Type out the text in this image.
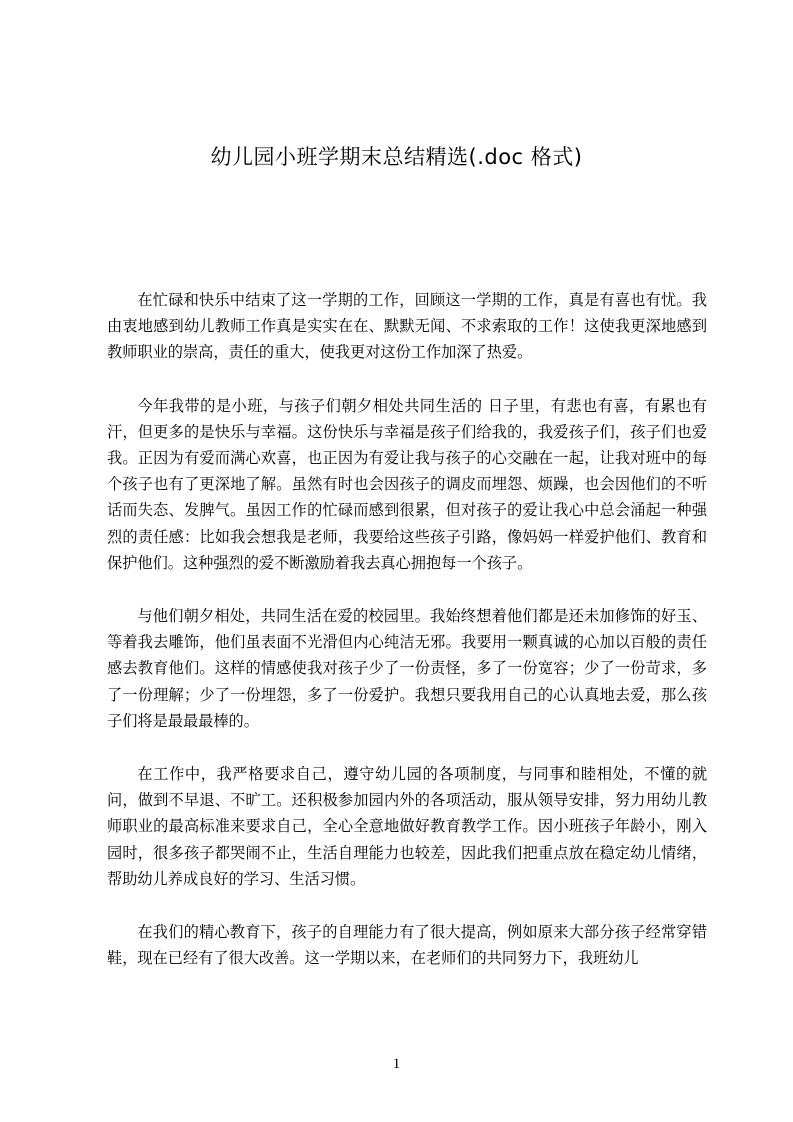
幼儿园小班学期末总结精选(.doc 格式)

在忙碌和快乐中结束了这一学期的工作，回顾这一学期的工作，真是有喜也有忧。我由衷地感到幼儿教师工作真是实实在在、默默无闻、不求索取的工作！这使我更深地感到教师职业的崇高，责任的重大，使我更对这份工作加深了热爱。

今年我带的是小班，与孩子们朝夕相处共同生活的 日子里，有悲也有喜，有累也有汗，但更多的是快乐与幸福。这份快乐与幸福是孩子们给我的，我爱孩子们，孩子们也爱我。正因为有爱而满心欢喜，也正因为有爱让我与孩子的心交融在一起，让我对班中的每个孩子也有了更深地了解。虽然有时也会因孩子的调皮而埋怨、烦躁，也会因他们的不听话而失态、发脾气。虽因工作的忙碌而感到很累，但对孩子的爱让我心中总会涌起一种强烈的责任感：比如我会想我是老师，我要给这些孩子引路，像妈妈一样爱护他们、教育和保护他们。这种强烈的爱不断激励着我去真心拥抱每一个孩子。

与他们朝夕相处，共同生活在爱的校园里。我始终想着他们都是还未加修饰的好玉、等着我去雕饰，他们虽表面不光滑但内心纯洁无邪。我要用一颗真诚的心加以百般的责任感去教育他们。这样的情感使我对孩子少了一份责怪，多了一份宽容；少了一份苛求，多了一份理解；少了一份埋怨，多了一份爱护。我想只要我用自己的心认真地去爱，那么孩子们将是最最最棒的。

在工作中，我严格要求自己，遵守幼儿园的各项制度，与同事和睦相处，不懂的就问，做到不早退、不旷工。还积极参加园内外的各项活动，服从领导安排，努力用幼儿教师职业的最高标准来要求自己，全心全意地做好教育教学工作。因小班孩子年龄小，刚入园时，很多孩子都哭闹不止，生活自理能力也较差，因此我们把重点放在稳定幼儿情绪，帮助幼儿养成良好的学习、生活习惯。

在我们的精心教育下，孩子的自理能力有了很大提高，例如原来大部分孩子经常穿错鞋，现在已经有了很大改善。这一学期以来，在老师们的共同努力下，我班幼儿

1
